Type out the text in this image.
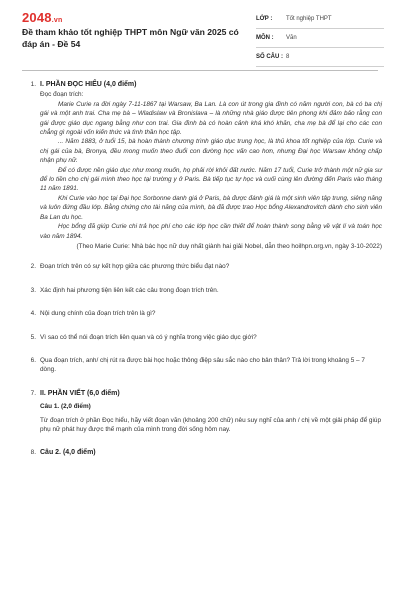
2048.vn
Đề tham khảo tốt nghiệp THPT môn Ngữ văn 2025 có đáp án - Đề 54
LỚP :	Tốt nghiệp THPT
MÔN :	Văn
SỐ CÂU : 8
1. I. PHẦN ĐỌC HIỂU (4,0 điểm)
Đọc đoạn trích:

Marie Curie ra đời ngày 7-11-1867 tại Warsaw, Ba Lan. Là con út trong gia đình có năm người con, bà có ba chị gái và một anh trai. Cha mẹ bà – Wladislaw và Bronislava – là những nhà giáo được tiên phong khi đảm bảo rằng con gái được giáo dục ngang bằng như con trai. Gia đình bà có hoàn cảnh khá khó khăn, cha mẹ bà để lại cho các con chẳng gì ngoài vốn kiến thức và tình thần học tập.

... Năm 1883, ở tuổi 15, bà hoàn thành chương trình giáo dục trung học, là thủ khoa tốt nghiệp của lớp. Curie và chị gái của bà, Bronya, đều mong muốn theo đuổi con đường học vấn cao hơn, nhưng Đại học Warsaw không chấp nhận phụ nữ.

Để có được nền giáo dục như mong muốn, họ phải rời khỏi đất nước. Năm 17 tuổi, Curie trở thành một nữ gia sư để lo tiền cho chị gái mình theo học tại trường y ở Paris. Bà tiếp tục tự học và cuối cùng lên đường đến Paris vào tháng 11 năm 1891.

Khi Curie vào học tại Đại học Sorbonne danh giá ở Paris, bà được đánh giá là một sinh viên tập trung, siêng năng và luôn đứng đầu lớp. Bằng chứng cho tài năng của mình, bà đã được trao Học bổng Alexandrovitch dành cho sinh viên Ba Lan du học.

Học bổng đã giúp Curie chi trả học phí cho các lớp học cần thiết để hoàn thành song bằng về vật lí và toán học vào năm 1894.

(Theo Marie Curie: Nhà bác học nữ duy nhất giành hai giải Nobel, dẫn theo hoilhpn.org.vn, ngày 3-10-2022)
2. Đoạn trích trên có sự kết hợp giữa các phương thức biểu đạt nào?

3. Xác định hai phương tiện liên kết các câu trong đoạn trích trên.

4. Nội dung chính của đoạn trích trên là gì?

5. Vì sao có thể nói đoạn trích liên quan và có ý nghĩa trong việc giáo dục giới?

6. Qua đoạn trích, anh/ chị rút ra được bài học hoặc thông điệp sâu sắc nào cho bản thân? Trả lời trong khoảng 5 – 7 dòng.

7. II. PHẦN VIẾT (6,0 điểm)
Câu 1. (2,0 điểm)
Từ đoạn trích ở phần Đọc hiểu, hãy viết đoạn văn (khoảng 200 chữ) nêu suy nghĩ của anh / chị về một giải pháp để giúp phụ nữ phát huy được thế mạnh của mình trong đời sống hôm nay.
8. Câu 2. (4,0 điểm)
